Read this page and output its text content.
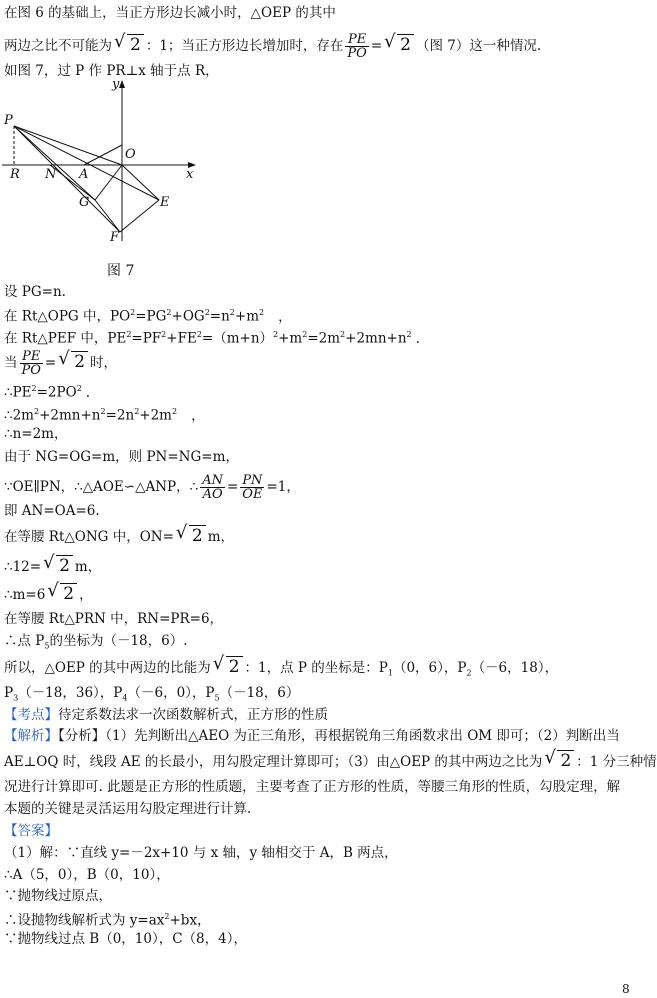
在图 6 的基础上，当正方形边长减小时，△OEP 的其中
两边之比不可能为 √ 2 ：1；当正方形边长增加时，存在 $\frac{PE}{PO}$ = √ 2 （图 7）这一种情况.
如图 7，过 P 作 PR⊥x 轴于点 R，
y
x
O
P
R N A
G	E
F
图 7
设 PG=n.
在 Rt△OPG 中，$PO^2=PG^2+OG^2=n^2+m^2$ ，
在 Rt△PEF 中，$PE^2=PF^2+FE^2=(m+n)^2+m^2=2m^2+2mn+n^2$ .
当 $\frac{PE}{PO}$ = √ 2 时，
$\therefore PE^2=2PO^2$ .
$\therefore 2m^2+2mn+n^2=2n^2+2m^2$ ，
∴n=2m，
由于 NG=OG=m，则 PN=NG=m，
∵OE∥PN，∴△AOE∽△ANP，∴ $\frac{AN}{AO} = \frac{PN}{OE} =1$，
即 AN=OA=6.
在等腰 Rt△ONG 中，ON= √ 2 m，
∴12= √ 2 m，
∴m=6 √ 2 ，
在等腰 Rt△PRN 中，RN=PR=6，
∴点 $P_5$的坐标为（－18，6）.
所以，△OEP 的其中两边的比能为 √ 2 ：1，点 P 的坐标是：$P_1(0$，6），$P_2(-6$，18），
$P_3(-18$，36），$P_4(-6$，0），$P_5(-18$，6）
【考点】待定系数法求一次函数解析式，正方形的性质
【解析】【分析】（1）先判断出△AEO 为正三角形，再根据锐角三角函数求出 OM 即可；（2）判断出当
AE⊥OQ 时，线段 AE 的长最小，用勾股定理计算即可；（3）由△OEP 的其中两边之比为 √ 2 ：1 分三种情
况进行计算即可. 此题是正方形的性质题，主要考查了正方形的性质，等腰三角形的性质，勾股定理，解
本题的关键是灵活运用勾股定理进行计算.
【答案】
（1）解：∵直线 y=－2x+10 与 x 轴，y 轴相交于 A，B 两点，
∴A（5，0），B（0，10），
∵抛物线过原点，
∴设抛物线解析式为 $y=ax^2+bx$，
∵抛物线过点 B（0，10），C（8，4），
8
